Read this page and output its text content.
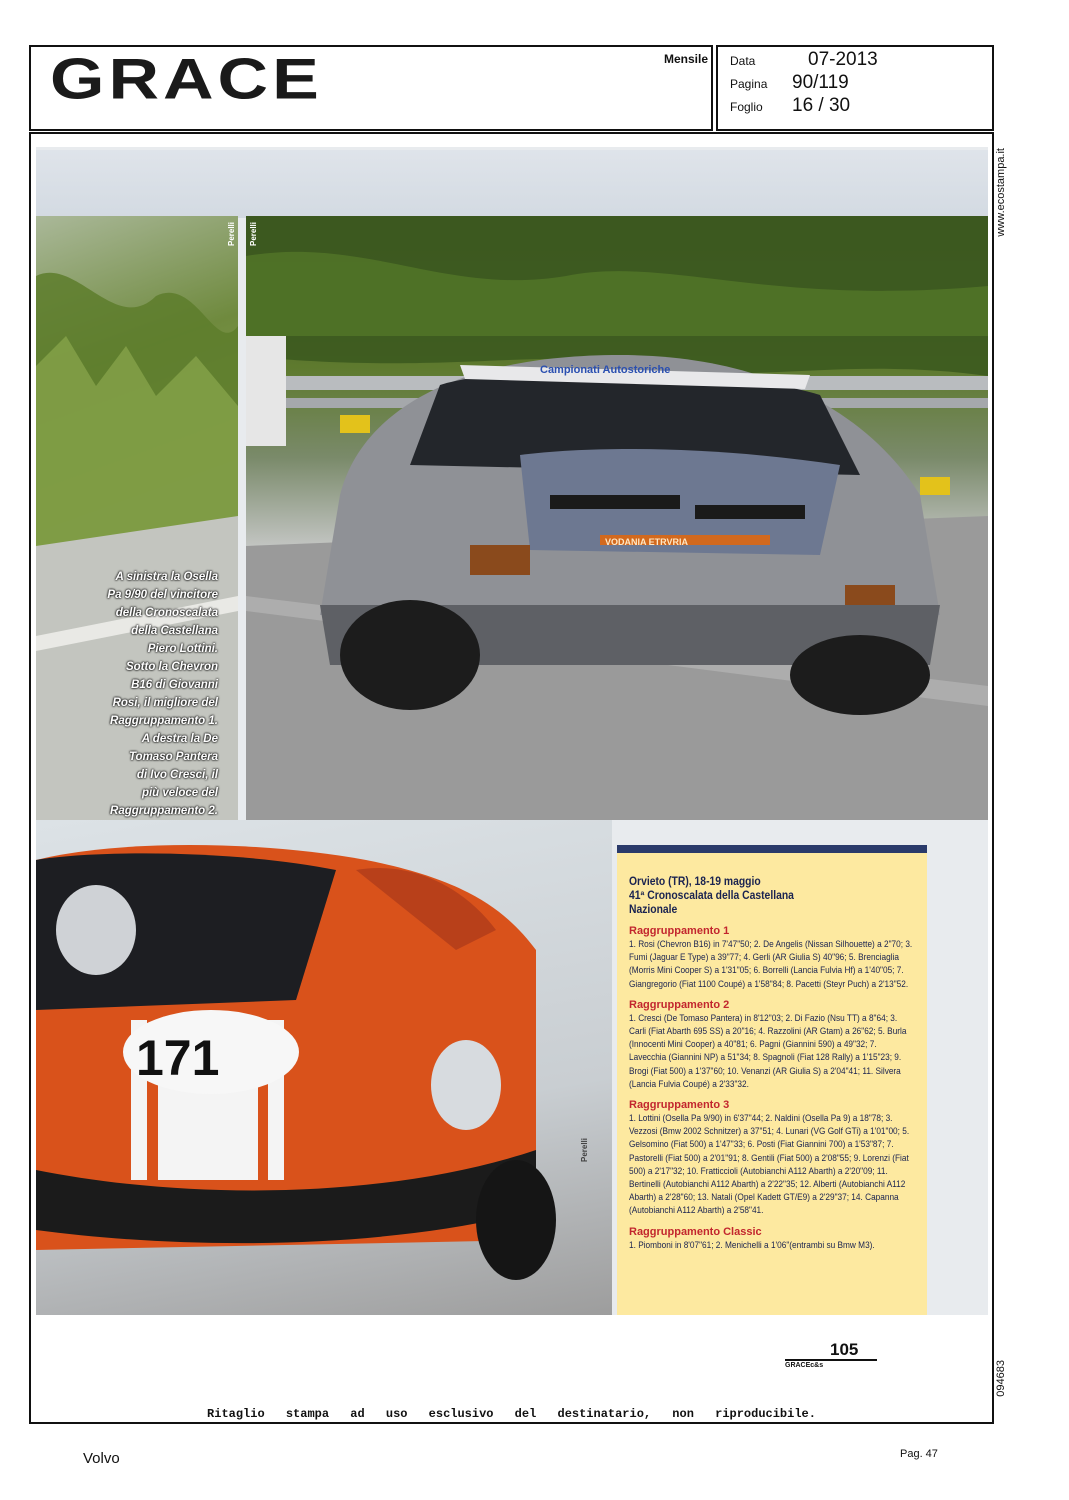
GRACE	Mensile Data	07-2013
Pagina 90/119
Foglio 16 / 30
Perelli Perelli
Campionati Autostoriche
VODANIA ETRVRIA
A sinistra la Osella
Pa 9/90 del vincitore
della Cronoscalata
della Castellana
Piero Lottini.
Sotto la Chevron
B16 di Giovanni
Rosi, il migliore del
Raggruppamento 1.
A destra la De
Tomaso Pantera
di Ivo Cresci, il
più veloce del
Raggruppamento 2.
171
Perelli
Orvieto (TR), 18-19 maggio
41ª Cronoscalata della Castellana
Nazionale
Raggruppamento 1
1. Rosi (Chevron B16) in 7'47"50; 2. De Angelis (Nissan Silhouette) a 2"70; 3. Fumi (Jaguar E Type) a 39"77; 4. Gerli (AR Giulia S) 40"96; 5. Brenciaglia (Morris Mini Cooper S) a 1'31"05; 6. Borrelli (Lancia Fulvia Hf) a 1'40"05; 7. Giangregorio (Fiat 1100 Coupé) a 1'58"84; 8. Pacetti (Steyr Puch) a 2'13"52.
Raggruppamento 2
1. Cresci (De Tomaso Pantera) in 8'12"03; 2. Di Fazio (Nsu TT) a 8"64; 3. Carli (Fiat Abarth 695 SS) a 20"16; 4. Razzolini (AR Gtam) a 26"62; 5. Burla (Innocenti Mini Cooper) a 40"81; 6. Pagni (Giannini 590) a 49"32; 7. Lavecchia (Giannini NP) a 51"34; 8. Spagnoli (Fiat 128 Rally) a 1'15"23; 9. Brogi (Fiat 500) a 1'37"60; 10. Venanzi (AR Giulia S) a 2'04"41; 11. Silvera (Lancia Fulvia Coupé) a 2'33"32.
Raggruppamento 3
1. Lottini (Osella Pa 9/90) in 6'37"44; 2. Naldini (Osella Pa 9) a 18"78; 3. Vezzosi (Bmw 2002 Schnitzer) a 37"51; 4. Lunari (VG Golf GTi) a 1'01"00; 5. Gelsomino (Fiat 500) a 1'47"33; 6. Posti (Fiat Giannini 700) a 1'53"87; 7. Pastorelli (Fiat 500) a 2'01"91; 8. Gentili (Fiat 500) a 2'08"55; 9. Lorenzi (Fiat 500) a 2'17"32; 10. Fratticcioli (Autobianchi A112 Abarth) a 2'20"09; 11. Bertinelli (Autobianchi A112 Abarth) a 2'22"35; 12. Alberti (Autobianchi A112 Abarth) a 2'28"60; 13. Natali (Opel Kadett GT/E9) a 2'29"37; 14. Capanna (Autobianchi A112 Abarth) a 2'58"41.
Raggruppamento Classic
1. Piomboni in 8'07"61; 2. Menichelli a 1'06"(entrambi su Bmw M3).
105
GRACEc&s
www.ecostampa.it
094683
Ritaglio stampa ad uso esclusivo del destinatario, non riproducibile.
Volvo	Pag. 47
